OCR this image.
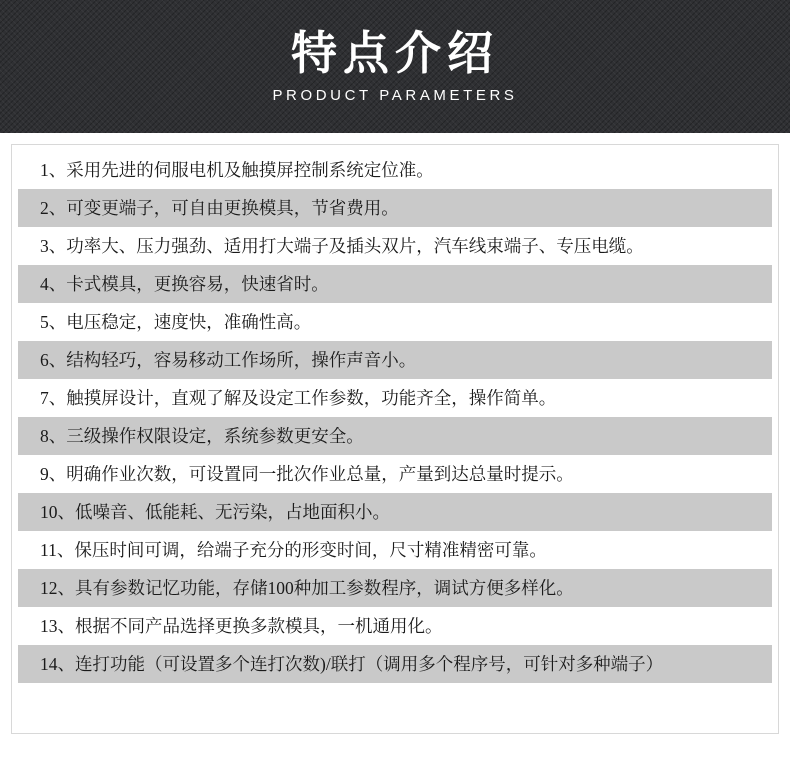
特点介绍
PRODUCT PARAMETERS
1、采用先进的伺服电机及触摸屏控制系统定位准。
2、可变更端子，可自由更换模具，节省费用。
3、功率大、压力强劲、适用打大端子及插头双片，汽车线束端子、专压电缆。
4、卡式模具，更换容易，快速省时。
5、电压稳定，速度快，准确性高。
6、结构轻巧，容易移动工作场所，操作声音小。
7、触摸屏设计，直观了解及设定工作参数，功能齐全，操作简单。
8、三级操作权限设定，系统参数更安全。
9、明确作业次数，可设置同一批次作业总量，产量到达总量时提示。
10、低噪音、低能耗、无污染，占地面积小。
11、保压时间可调，给端子充分的形变时间，尺寸精准精密可靠。
12、具有参数记忆功能，存储100种加工参数程序，调试方便多样化。
13、根据不同产品选择更换多款模具，一机通用化。
14、连打功能（可设置多个连打次数)/联打（调用多个程序号，可针对多种端子）
